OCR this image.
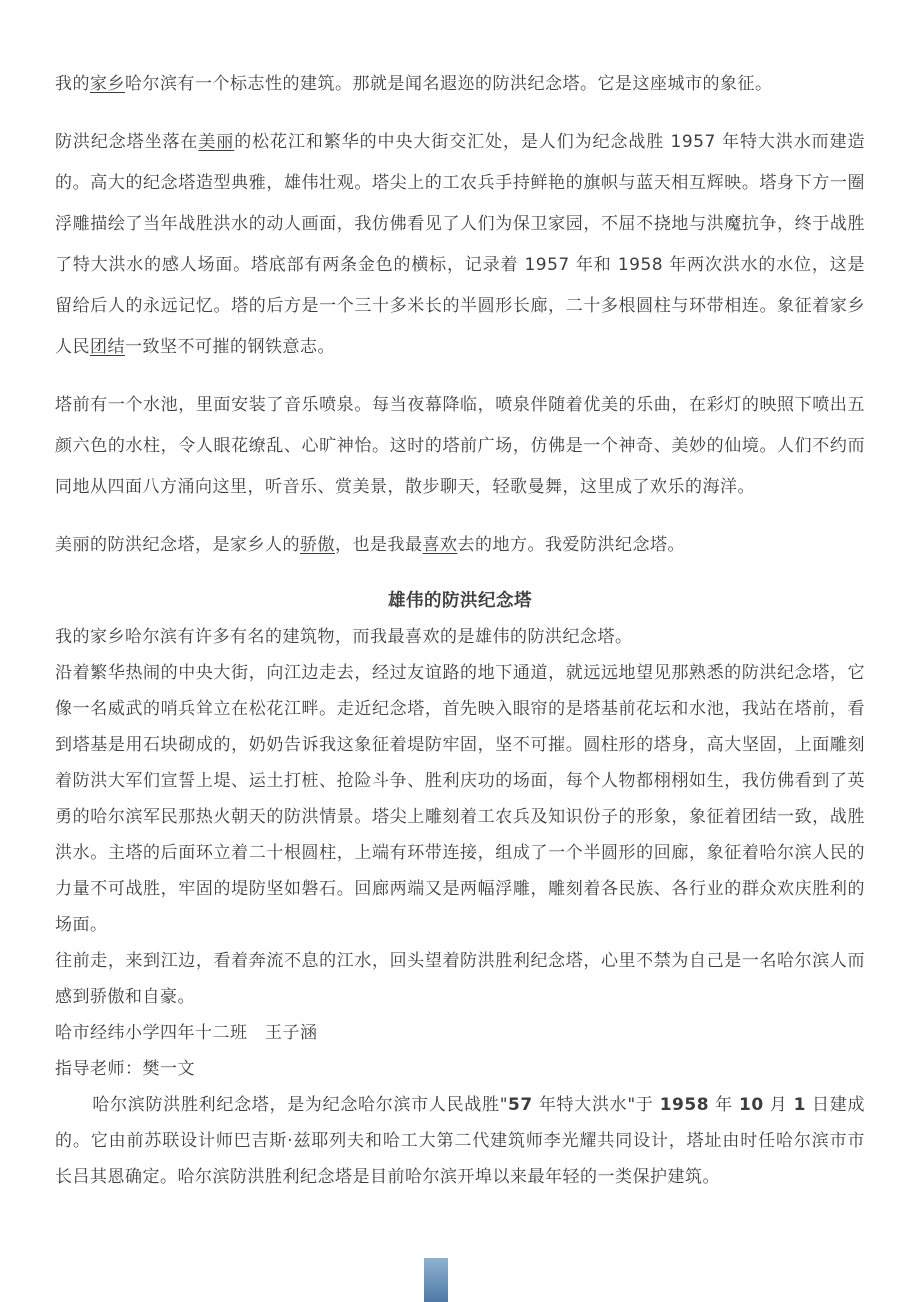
我的家乡哈尔滨有一个标志性的建筑。那就是闻名遐迩的防洪纪念塔。它是这座城市的象征。

防洪纪念塔坐落在美丽的松花江和繁华的中央大街交汇处，是人们为纪念战胜 1957 年特大洪水而建造的。高大的纪念塔造型典雅，雄伟壮观。塔尖上的工农兵手持鲜艳的旗帜与蓝天相互辉映。塔身下方一圈浮雕描绘了当年战胜洪水的动人画面，我仿佛看见了人们为保卫家园，不屈不挠地与洪魔抗争，终于战胜了特大洪水的感人场面。塔底部有两条金色的横标，记录着 1957 年和 1958 年两次洪水的水位，这是留给后人的永远记忆。塔的后方是一个三十多米长的半圆形长廊，二十多根圆柱与环带相连。象征着家乡人民团结一致坚不可摧的钢铁意志。

塔前有一个水池，里面安装了音乐喷泉。每当夜幕降临，喷泉伴随着优美的乐曲，在彩灯的映照下喷出五颜六色的水柱，令人眼花缭乱、心旷神怡。这时的塔前广场，仿佛是一个神奇、美妙的仙境。人们不约而同地从四面八方涌向这里，听音乐、赏美景，散步聊天，轻歌曼舞，这里成了欢乐的海洋。

美丽的防洪纪念塔，是家乡人的骄傲，也是我最喜欢去的地方。我爱防洪纪念塔。

雄伟的防洪纪念塔

我的家乡哈尔滨有许多有名的建筑物，而我最喜欢的是雄伟的防洪纪念塔。

沿着繁华热闹的中央大街，向江边走去，经过友谊路的地下通道，就远远地望见那熟悉的防洪纪念塔，它像一名威武的哨兵耸立在松花江畔。走近纪念塔，首先映入眼帘的是塔基前花坛和水池，我站在塔前，看到塔基是用石块砌成的，奶奶告诉我这象征着堤防牢固，坚不可摧。圆柱形的塔身，高大坚固，上面雕刻着防洪大军们宣誓上堤、运土打桩、抢险斗争、胜利庆功的场面，每个人物都栩栩如生，我仿佛看到了英勇的哈尔滨军民那热火朝天的防洪情景。塔尖上雕刻着工农兵及知识份子的形象，象征着团结一致，战胜洪水。主塔的后面环立着二十根圆柱，上端有环带连接，组成了一个半圆形的回廊，象征着哈尔滨人民的力量不可战胜，牢固的堤防坚如磐石。回廊两端又是两幅浮雕，雕刻着各民族、各行业的群众欢庆胜利的场面。

往前走，来到江边，看着奔流不息的江水，回头望着防洪胜利纪念塔，心里不禁为自己是一名哈尔滨人而感到骄傲和自豪。

哈市经纬小学四年十二班　王子涵

指导老师：樊一文

哈尔滨防洪胜利纪念塔，是为纪念哈尔滨市人民战胜"57 年特大洪水"于 1958 年 10 月 1 日建成的。它由前苏联设计师巴吉斯·兹耶列夫和哈工大第二代建筑师李光耀共同设计，塔址由时任哈尔滨市市长吕其恩确定。哈尔滨防洪胜利纪念塔是目前哈尔滨开埠以来最年轻的一类保护建筑。
